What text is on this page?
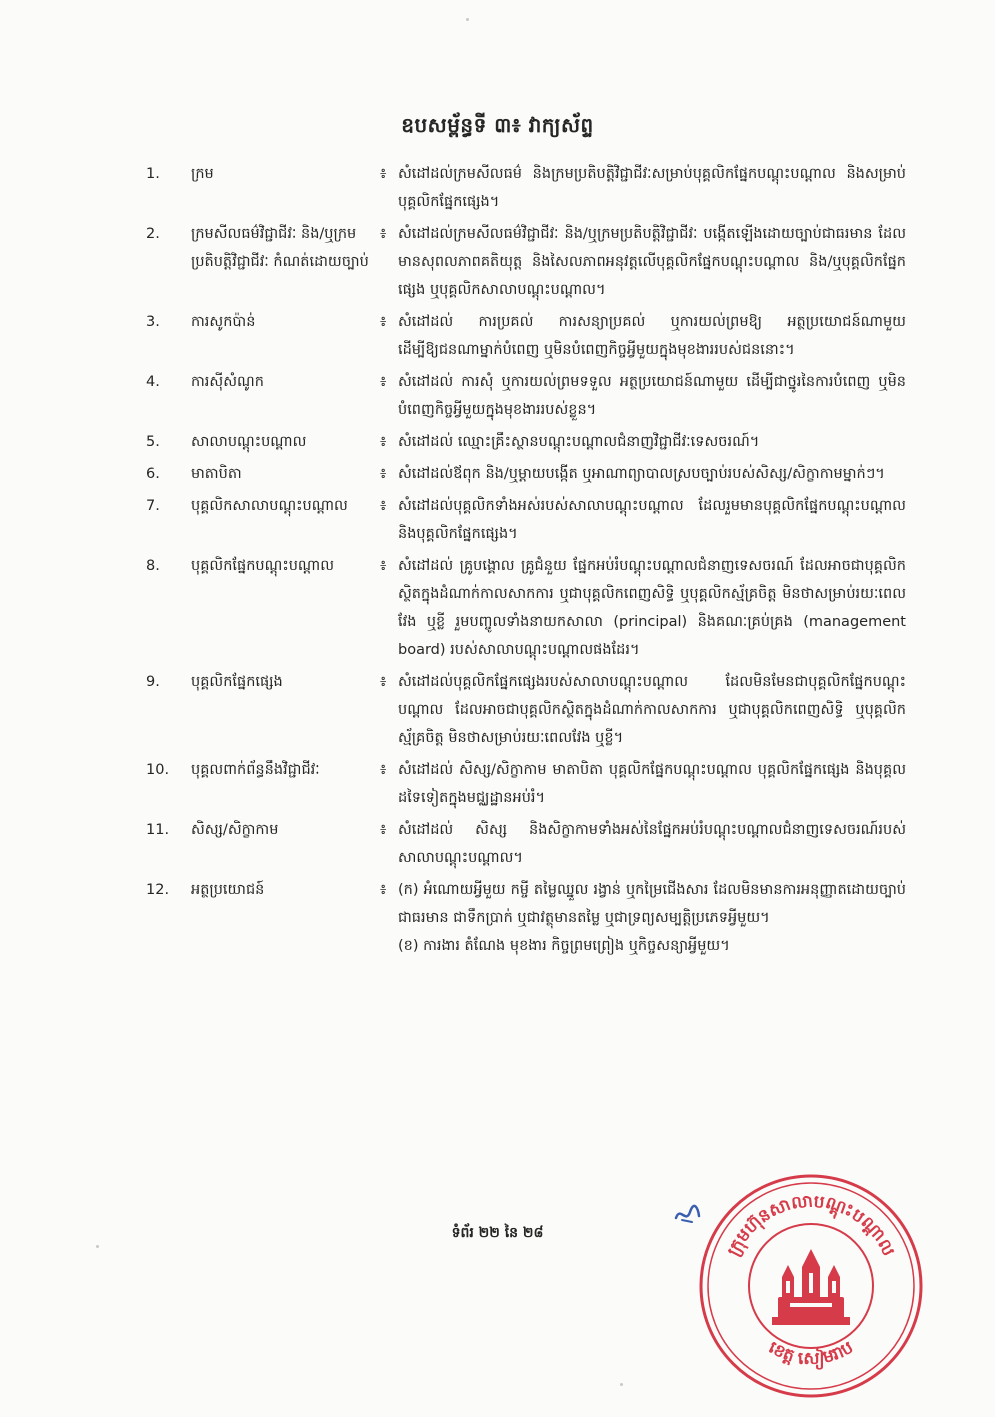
ឧបសម្ព័ន្ធទី ៣៖ វាក្យស័ព្ទ
1.	ក្រម	៖ សំដៅដល់ក្រមសីលធម៌ និងក្រមប្រតិបត្តិវិជ្ជាជីវៈសម្រាប់បុគ្គលិកផ្នែកបណ្ដុះបណ្ដាល និងសម្រាប់បុគ្គលិកផ្នែកផ្សេង។

2.	ក្រមសីលធម៌វិជ្ជាជីវៈ និង/ឬក្រមប្រតិបត្តិវិជ្ជាជីវៈ កំណត់ដោយច្បាប់
៖ សំដៅដល់ក្រមសីលធម៌វិជ្ជាជីវៈ និង/ឬក្រមប្រតិបត្តិវិជ្ជាជីវៈ បង្កើតឡើងដោយច្បាប់ជាធរមាន ដែលមានសុពលភាពគតិយុត្ត និងសៃលភាពអនុវត្តលើបុគ្គលិកផ្នែកបណ្ដុះបណ្ដាល និង/ឬបុគ្គលិកផ្នែកផ្សេង ឬបុគ្គលិកសាលាបណ្ដុះបណ្ដាល។

3.	ការសូកប៉ាន់	៖ សំដៅដល់ ការប្រគល់ ការសន្យាប្រគល់ ឬការយល់ព្រមឱ្យ អត្ថប្រយោជន៍ណាមួយ ដើម្បីឱ្យជនណាម្នាក់បំពេញ ឬមិនបំពេញកិច្ចអ្វីមួយក្នុងមុខងាររបស់ជននោះ។

4.	ការស៊ីសំណូក	៖ សំដៅដល់ ការសុំ ឬការយល់ព្រមទទួល អត្ថប្រយោជន៍ណាមួយ ដើម្បីជាថ្នូរនៃការបំពេញ ឬមិនបំពេញកិច្ចអ្វីមួយក្នុងមុខងាររបស់ខ្លួន។

5.	សាលាបណ្ដុះបណ្ដាល	៖ សំដៅដល់ ឈ្មោះគ្រឹះស្ថានបណ្ដុះបណ្ដាលជំនាញវិជ្ជាជីវៈទេសចរណ៍។

6.	មាតាបិតា	៖ សំដៅដល់ឪពុក និង/ឬម្ដាយបង្កើត ឬអាណាព្យាបាលស្របច្បាប់របស់សិស្ស/សិក្ខាកាមម្នាក់ៗ។

7.	បុគ្គលិកសាលាបណ្ដុះបណ្ដាល	៖ សំដៅដល់បុគ្គលិកទាំងអស់របស់សាលាបណ្ដុះបណ្ដាល ដែលរួមមានបុគ្គលិកផ្នែកបណ្ដុះបណ្ដាល និងបុគ្គលិកផ្នែកផ្សេង។

8.	បុគ្គលិកផ្នែកបណ្ដុះបណ្ដាល	៖ សំដៅដល់ គ្រូបង្គោល គ្រូជំនួយ ផ្នែកអប់រំបណ្ដុះបណ្ដាលជំនាញទេសចរណ៍ ដែលអាចជាបុគ្គលិកស្ថិតក្នុងដំណាក់កាលសាកការ ឬជាបុគ្គលិកពេញសិទ្ធិ ឬបុគ្គលិកស្ម័គ្រចិត្ត មិនថាសម្រាប់រយៈពេលវែង ឬខ្លី រួមបញ្ចូលទាំងនាយកសាលា (principal) និងគណៈគ្រប់គ្រង (management board) របស់សាលាបណ្ដុះបណ្ដាលផងដែរ។

9.	បុគ្គលិកផ្នែកផ្សេង	៖ សំដៅដល់បុគ្គលិកផ្នែកផ្សេងរបស់សាលាបណ្ដុះបណ្ដាល ដែលមិនមែនជាបុគ្គលិកផ្នែកបណ្ដុះបណ្ដាល ដែលអាចជាបុគ្គលិកស្ថិតក្នុងដំណាក់កាលសាកការ ឬជាបុគ្គលិកពេញសិទ្ធិ ឬបុគ្គលិកស្ម័គ្រចិត្ត មិនថាសម្រាប់រយៈពេលវែង ឬខ្លី។

10.	បុគ្គលពាក់ព័ន្ធនឹងវិជ្ជាជីវៈ	៖ សំដៅដល់ សិស្ស/សិក្ខាកាម មាតាបិតា បុគ្គលិកផ្នែកបណ្ដុះបណ្ដាល បុគ្គលិកផ្នែកផ្សេង និងបុគ្គលដទៃទៀតក្នុងមជ្ឈដ្ឋានអប់រំ។

11.	សិស្ស/សិក្ខាកាម	៖ សំដៅដល់ សិស្ស និងសិក្ខាកាមទាំងអស់នៃផ្នែកអប់រំបណ្ដុះបណ្ដាលជំនាញទេសចរណ៍របស់សាលាបណ្ដុះបណ្ដាល។

12.	អត្ថប្រយោជន៍	៖ (ក) អំណោយអ្វីមួយ កម្ចី តម្លៃឈ្នួល រង្វាន់ ឬកម្រៃជើងសារ ដែលមិនមានការអនុញ្ញាតដោយច្បាប់ជាធរមាន ជាទឹកប្រាក់ ឬជាវត្ថុមានតម្លៃ ឬជាទ្រព្យសម្បត្តិប្រភេទអ្វីមួយ។

(ខ) ការងារ តំណែង មុខងារ កិច្ចព្រមព្រៀង ឬកិច្ចសន្យាអ្វីមួយ។

ទំព័រ ២២ នៃ ២៨
ក្រុមហ៊ុនសាលាបណ្ដុះបណ្ដាល
ខេត្ត សៀមរាប
